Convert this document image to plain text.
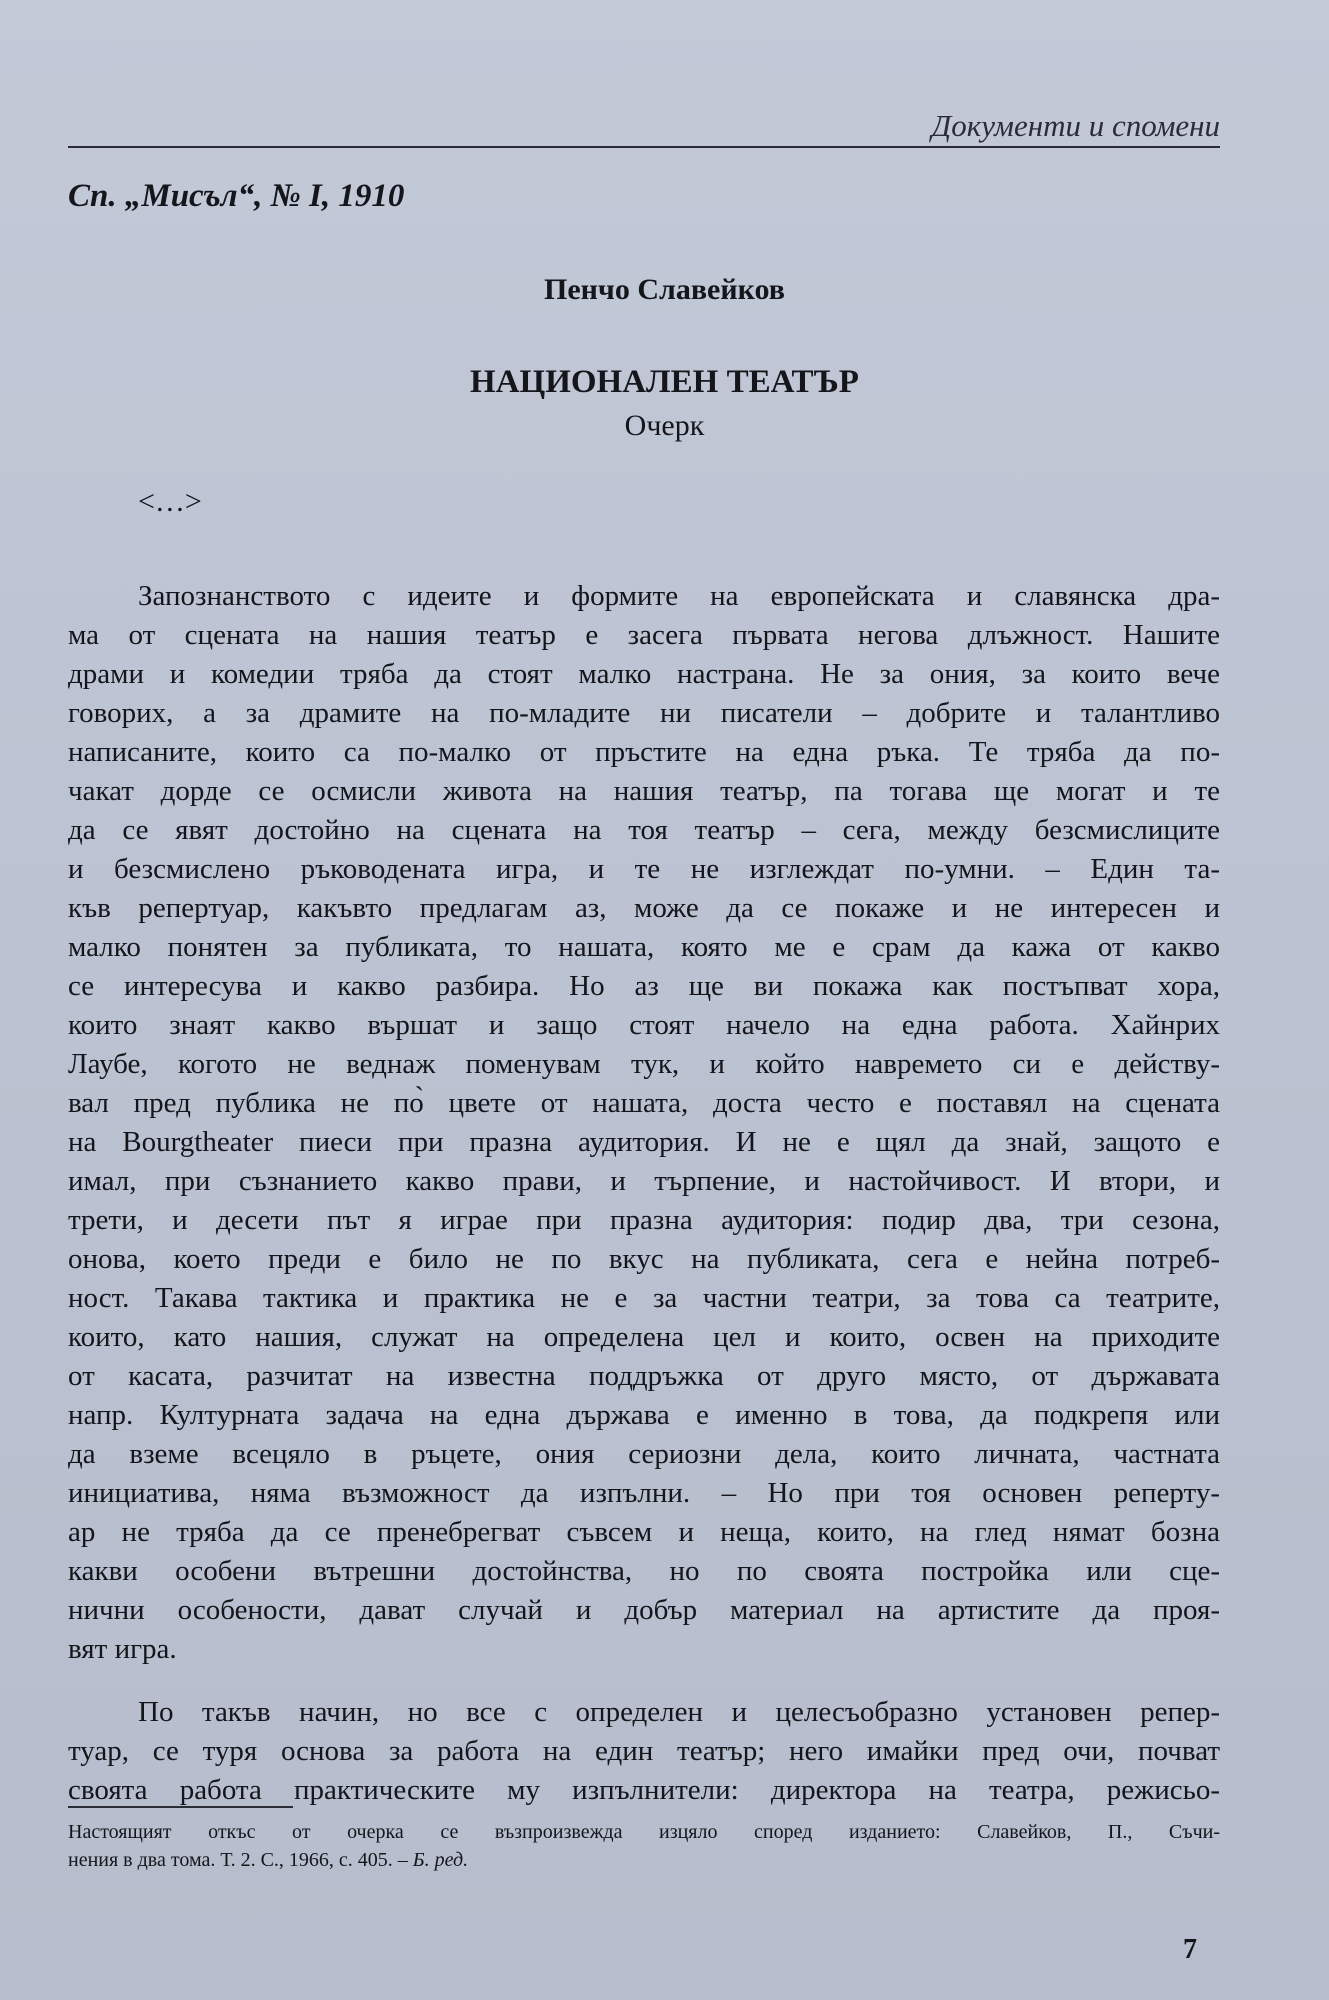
Документи и спомени
Сп. „Мисъл“, № I, 1910
Пенчо Славейков
НАЦИОНАЛЕН ТЕАТЪР
Очерк
<…>
Запознанството с идеите и формите на европейската и славянска дра-
ма от сцената на нашия театър е засега първата негова длъжност. Нашите
драми и комедии тряба да стоят малко настрана. Не за ония, за които вече
говорих, а за драмите на по-младите ни писатели – добрите и талантливо
написаните, които са по-малко от пръстите на една ръка. Те тряба да по-
чакат дорде се осмисли живота на нашия театър, па тогава ще могат и те
да се явят достойно на сцената на тоя театър – сега, между безсмислиците
и безсмислено ръководената игра, и те не изглеждат по-умни. – Един та-
къв репертуар, какъвто предлагам аз, може да се покаже и не интересен и
малко понятен за публиката, то нашата, която ме е срам да кажа от какво
се интересува и какво разбира. Но аз ще ви покажа как постъпват хора,
които знаят какво вършат и защо стоят начело на една работа. Хайнрих
Лаубе, когото не веднаж поменувам тук, и който навремето си е действу-
вал пред публика не по̀ цвете от нашата, доста често е поставял на сцената
на Bourgtheater пиеси при празна аудитория. И не е щял да знай, защото е
имал, при съзнанието какво прави, и търпение, и настойчивост. И втори, и
трети, и десети път я играе при празна аудитория: подир два, три сезона,
онова, което преди е било не по вкус на публиката, сега е нейна потреб-
ност. Такава тактика и практика не е за частни театри, за това са театрите,
които, като нашия, служат на определена цел и които, освен на приходите
от касата, разчитат на известна поддръжка от друго място, от държавата
напр. Културната задача на една държава е именно в това, да подкрепя или
да вземе всецяло в ръцете, ония сериозни дела, които личната, частната
инициатива, няма възможност да изпълни. – Но при тоя основен реперту-
ар не тряба да се пренебрегват съвсем и неща, които, на глед нямат бозна
какви особени вътрешни достойнства, но по своята постройка или сце-
нични особености, дават случай и добър материал на артистите да проя-
вят игра.
По такъв начин, но все с определен и целесъобразно установен репер-
туар, се туря основа за работа на един театър; него имайки пред очи, почват
своята работа практическите му изпълнители: директора на театра, режисьо-
Настоящият откъс от очерка се възпроизвежда изцяло според изданието: Славейков, П., Съчи-
нения в два тома. Т. 2. С., 1966, с. 405. – Б. ред.
7
